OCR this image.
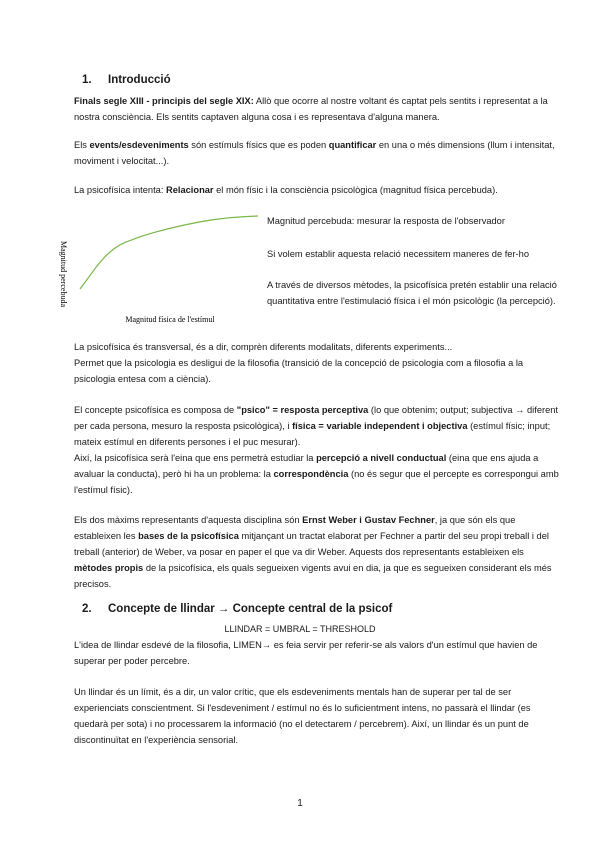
1. Introducció
Finals segle XIII - principis del segle XIX: Allò que ocorre al nostre voltant és captat pels sentits i representat a la nostra consciència. Els sentits captaven alguna cosa i es representava d'alguna manera.
Els events/esdeveniments són estímuls físics que es poden quantificar en una o més dimensions (llum i intensitat, moviment i velocitat...).
La psicofísica intenta: Relacionar el món físic i la consciència psicològica (magnitud física percebuda).
Magnitud percebuda
Magnitud física de l'estímul
Magnitud percebuda: mesurar la resposta de l'observador
Si volem establir aquesta relació necessitem maneres de fer-ho
A través de diversos mètodes, la psicofísica pretén establir una relació quantitativa entre l'estimulació física i el món psicològic (la percepció).
La psicofísica és transversal, és a dir, comprèn diferents modalitats, diferents experiments...
Permet que la psicologia es desligui de la filosofia (transició de la concepció de psicologia com a filosofia a la psicologia entesa com a ciència).
El concepte psicofísica es composa de "psico" = resposta perceptiva (lo que obtenim; output; subjectiva → diferent per cada persona, mesuro la resposta psicològica), i física = variable independent i objectiva (estímul físic; input; mateix estímul en diferents persones i el puc mesurar).
Així, la psicofísica serà l'eina que ens permetrà estudiar la percepció a nivell conductual (eina que ens ajuda a avaluar la conducta), però hi ha un problema: la correspondència (no és segur que el percepte es correspongui amb l'estímul físic).
Els dos màxims representants d'aquesta disciplina són Ernst Weber i Gustav Fechner, ja que són els que estableixen les bases de la psicofísica mitjançant un tractat elaborat per Fechner a partir del seu propi treball i del treball (anterior) de Weber, va posar en paper el que va dir Weber. Aquests dos representants estableixen els mètodes propis de la psicofísica, els quals segueixen vigents avui en dia, ja que es segueixen considerant els més precisos.
2. Concepte de llindar → Concepte central de la psicof
LLINDAR = UMBRAL = THRESHOLD
L'idea de llindar esdevé de la filosofia, LIMEN→ es feia servir per referir-se als valors d'un estímul que havien de superar per poder percebre.
Un llindar és un límit, és a dir, un valor crític, que els esdeveniments mentals han de superar per tal de ser experienciats conscientment. Si l'esdeveniment / estímul no és lo suficientment intens, no passarà el llindar (es quedarà per sota) i no processarem la informació (no el detectarem / percebrem). Així, un llindar és un punt de discontinuïtat en l'experiència sensorial.
1
